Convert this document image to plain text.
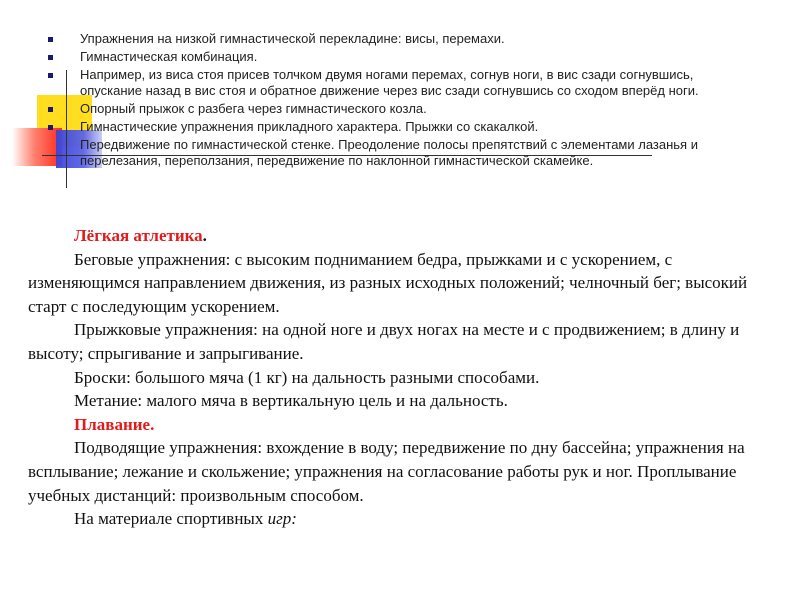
Упражнения на низкой гимнастической перекладине: висы, перемахи.
Гимнастическая комбинация.
Например, из виса стоя присев толчком двумя ногами перемах, согнув ноги, в вис сзади согнувшись, опускание назад в вис стоя и обратное движение через вис сзади согнувшись со сходом вперёд ноги.
Опорный прыжок с разбега через гимнастического козла.
Гимнастические упражнения прикладного характера. Прыжки со скакалкой.
Передвижение по гимнастической стенке. Преодоление полосы препятствий с элементами лазанья и перелезания, переползания, передвижение по наклонной гимнастической скамейке.

Лёгкая атлетика.

Беговые упражнения: с высоким подниманием бедра, прыжками и с ускорением, с изменяющимся направлением движения, из разных исходных положений; челночный бег; высокий старт с последующим ускорением.

Прыжковые упражнения: на одной ноге и двух ногах на месте и с продвижением; в длину и высоту; спрыгивание и запрыгивание.

Броски: большого мяча (1 кг) на дальность разными способами.

Метание: малого мяча в вертикальную цель и на дальность.

Плавание.

Подводящие упражнения: вхождение в воду; передвижение по дну бассейна; упражнения на всплывание; лежание и скольжение; упражнения на согласование работы рук и ног. Проплывание учебных дистанций: произвольным способом.

На материале спортивных игр:
